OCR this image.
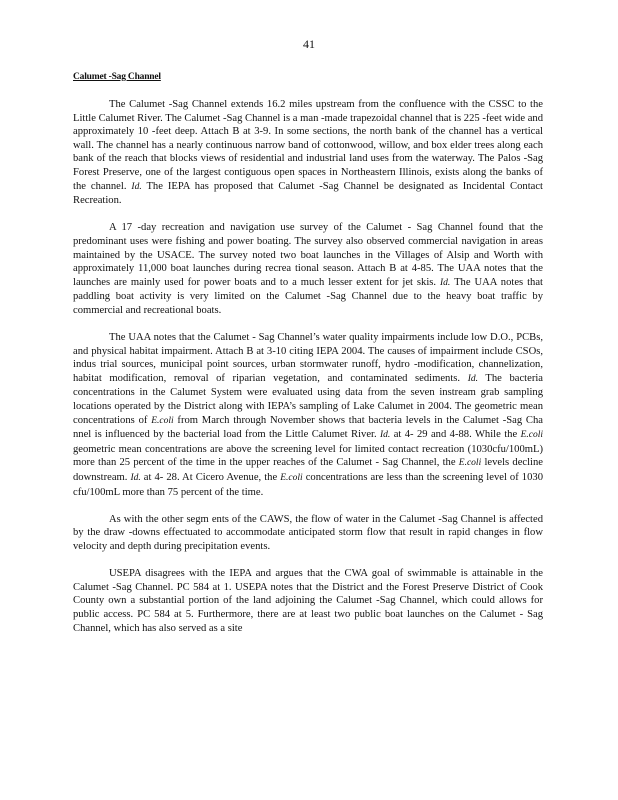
41
Calumet -Sag Channel

The Calumet -Sag Channel extends 16.2 miles upstream from the confluence with the CSSC to the Little Calumet River. The Calumet -Sag Channel is a man -made trapezoidal channel that is 225 -feet wide and approximately 10 -feet deep. Attach B at 3-9. In some sections, the north bank of the channel has a vertical wall. The channel has a nearly continuous narrow band of cottonwood, willow, and box elder trees along each bank of the reach that blocks views of residential and industrial land uses from the waterway. The Palos -Sag Forest Preserve, one of the largest contiguous open spaces in Northeastern Illinois, exists along the banks of the channel. Id. The IEPA has proposed that Calumet -Sag Channel be designated as Incidental Contact Recreation.

A 17 -day recreation and navigation use survey of the Calumet - Sag Channel found that the predominant uses were fishing and power boating. The survey also observed commercial navigation in areas maintained by the USACE. The survey noted two boat launches in the Villages of Alsip and Worth with approximately 11,000 boat launches during recrea tional season. Attach B at 4-85. The UAA notes that the launches are mainly used for power boats and to a much lesser extent for jet skis. Id. The UAA notes that paddling boat activity is very limited on the Calumet -Sag Channel due to the heavy boat traffic by commercial and recreational boats.

The UAA notes that the Calumet - Sag Channel’s water quality impairments include low D.O., PCBs, and physical habitat impairment. Attach B at 3-10 citing IEPA 2004. The causes of impairment include CSOs, indus trial sources, municipal point sources, urban stormwater runoff, hydro -modification, channelization, habitat modification, removal of riparian vegetation, and contaminated sediments. Id. The bacteria concentrations in the Calumet System were evaluated using data from the seven instream grab sampling locations operated by the District along with IEPA’s sampling of Lake Calumet in 2004. The geometric mean concentrations of E.coli from March through November shows that bacteria levels in the Calumet -Sag Cha nnel is influenced by the bacterial load from the Little Calumet River. Id. at 4- 29 and 4-88. While the E.coli geometric mean concentrations are above the screening level for limited contact recreation (1030cfu/100mL) more than 25 percent of the time in the upper reaches of the Calumet - Sag Channel, the E.coli levels decline downstream. Id. at 4- 28. At Cicero Avenue, the E.coli concentrations are less than the screening level of 1030 cfu/100mL more than 75 percent of the time.

As with the other segm ents of the CAWS, the flow of water in the Calumet -Sag Channel is affected by the draw -downs effectuated to accommodate anticipated storm flow that result in rapid changes in flow velocity and depth during precipitation events.

USEPA disagrees with the IEPA and argues that the CWA goal of swimmable is attainable in the Calumet -Sag Channel. PC 584 at 1. USEPA notes that the District and the Forest Preserve District of Cook County own a substantial portion of the land adjoining the Calumet -Sag Channel, which could allows for public access. PC 584 at 5. Furthermore, there are at least two public boat launches on the Calumet - Sag Channel, which has also served as a site
